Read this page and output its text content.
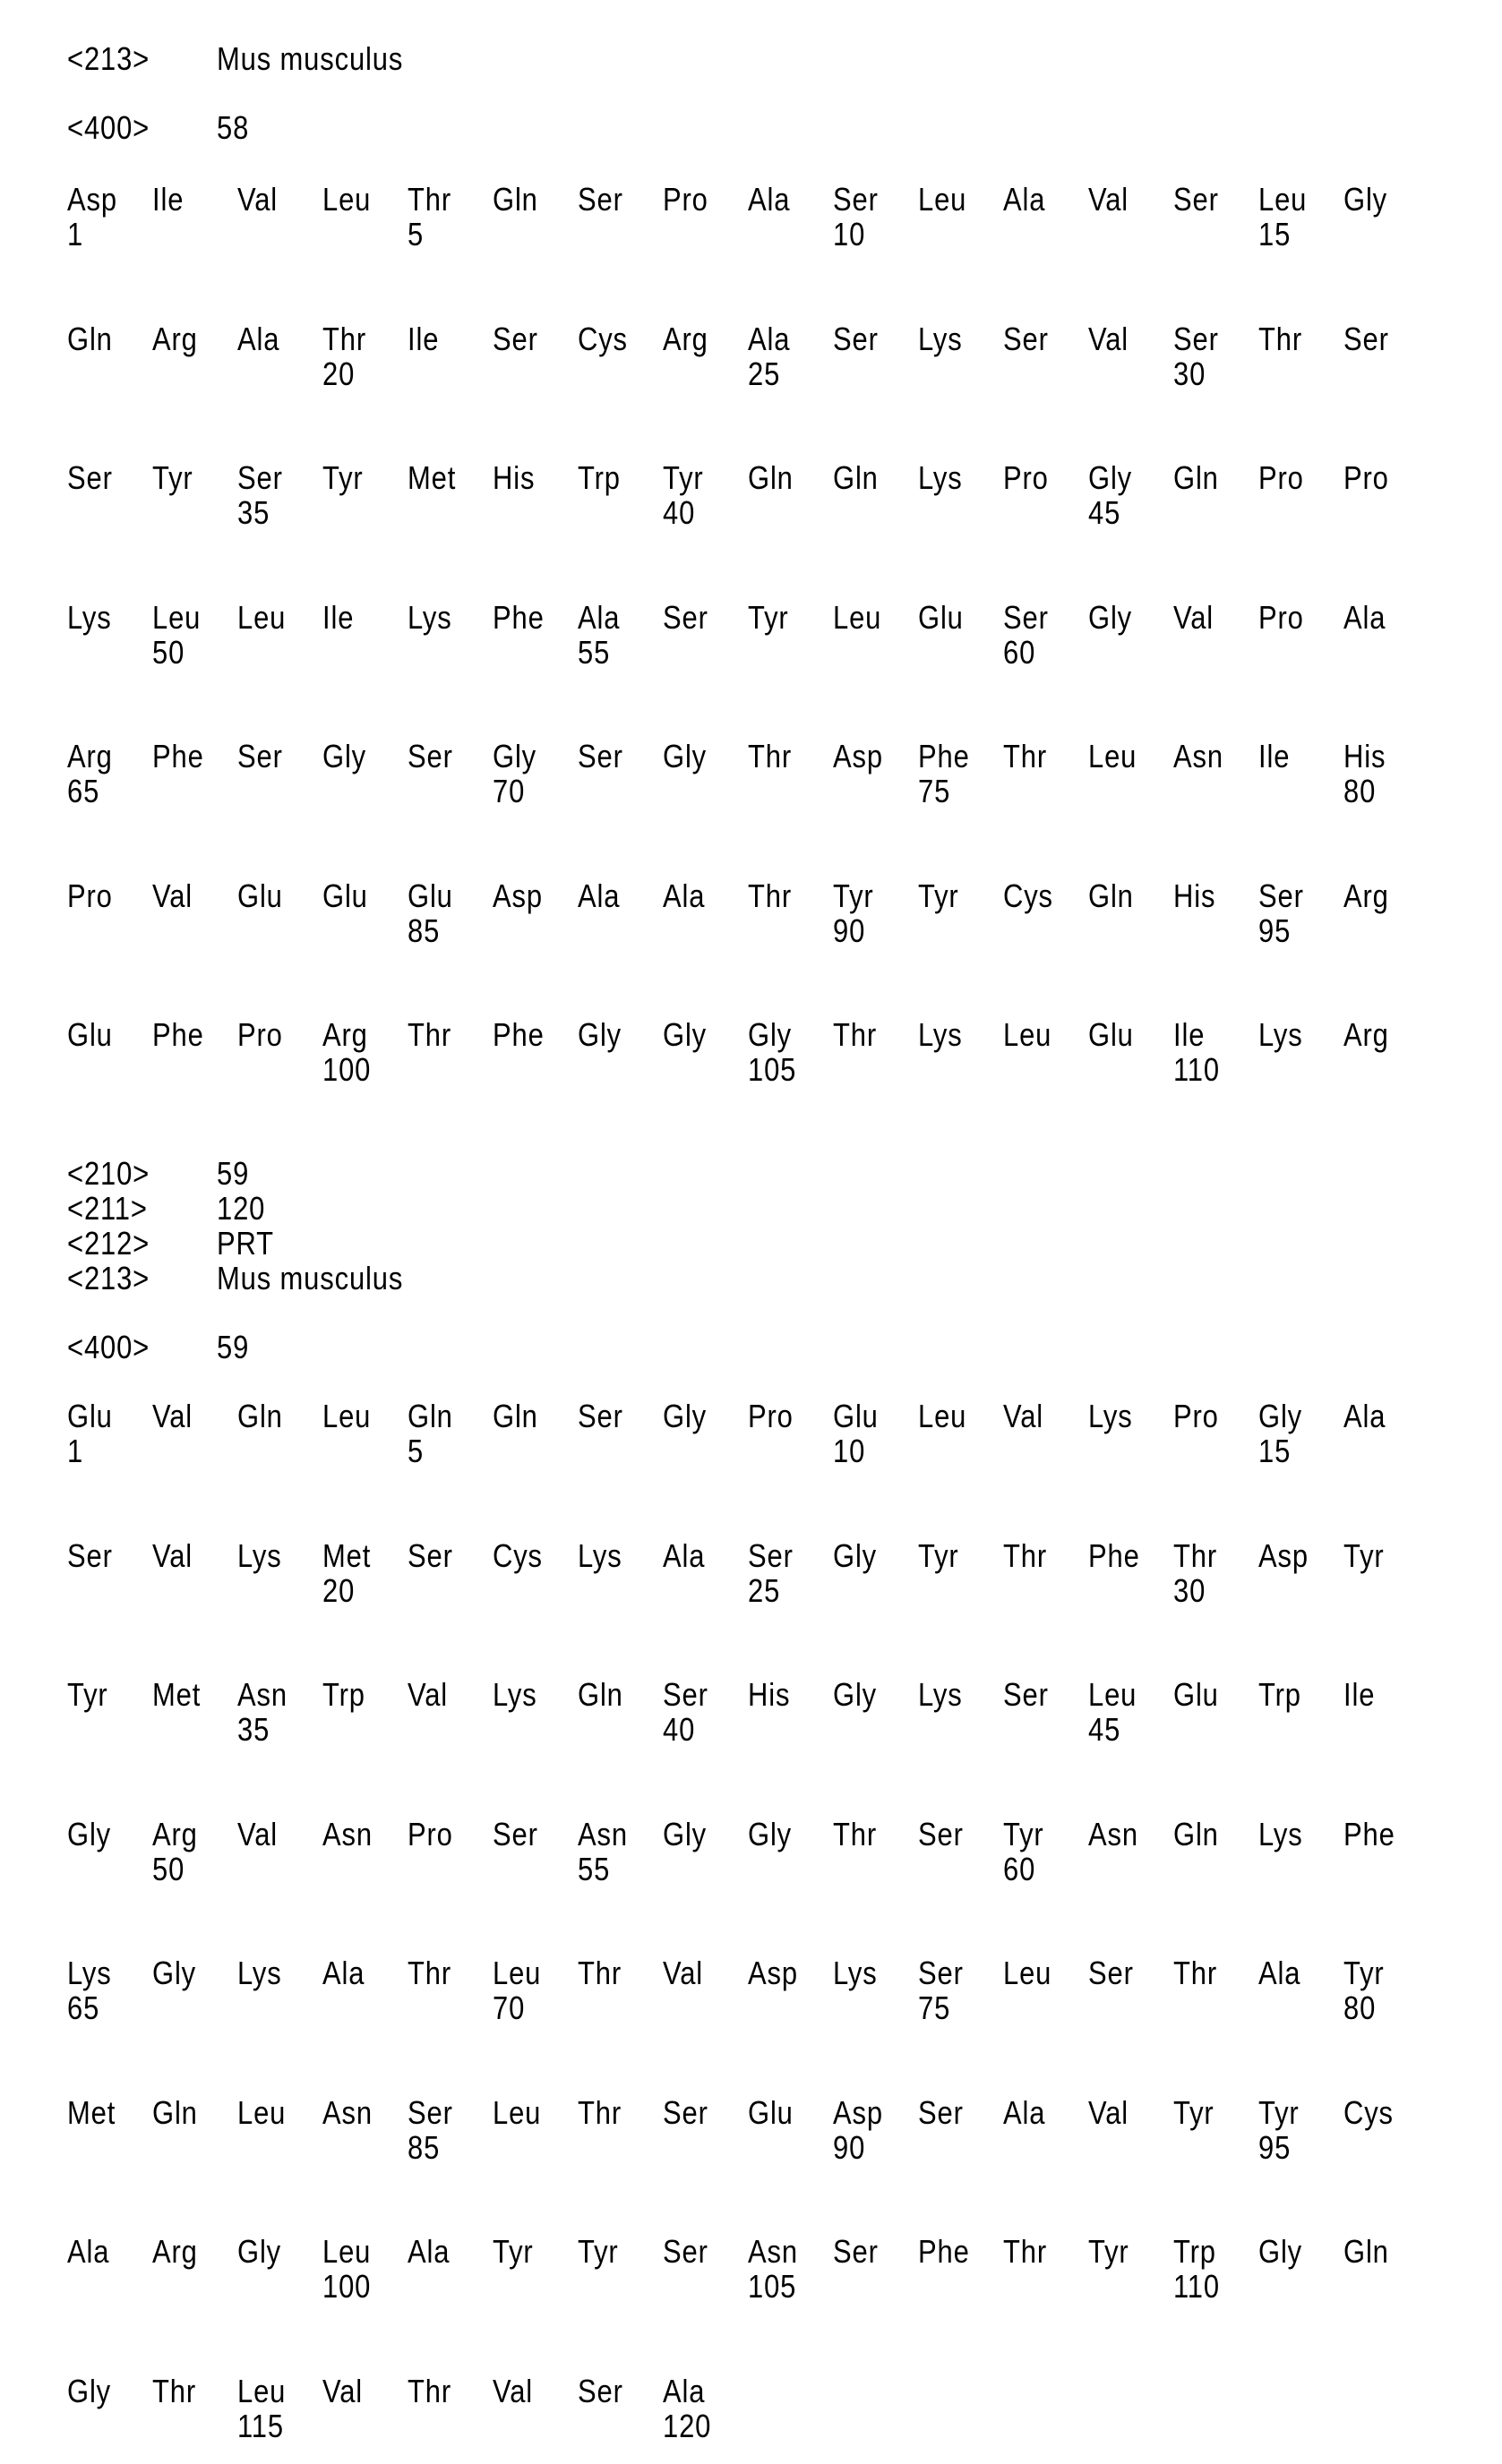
<213> Mus musculus
<400> 58
Asp Ile Val Leu Thr Gln Ser Pro Ala Ser Leu Ala Val Ser Leu Gly
1	5	10	15
Gln Arg Ala Thr Ile Ser Cys Arg Ala Ser Lys Ser Val Ser Thr Ser
20	25	30
Ser Tyr Ser Tyr Met His Trp Tyr Gln Gln Lys Pro Gly Gln Pro Pro
35	40	45
Lys Leu Leu Ile Lys Phe Ala Ser Tyr Leu Glu Ser Gly Val Pro Ala
50	55	60
Arg Phe Ser Gly Ser Gly Ser Gly Thr Asp Phe Thr Leu Asn Ile His
65	70	75	80
Pro Val Glu Glu Glu Asp Ala Ala Thr Tyr Tyr Cys Gln His Ser Arg
85	90	95
Glu Phe Pro Arg Thr Phe Gly Gly Gly Thr Lys Leu Glu Ile Lys Arg
100	105	110
<210> 59
<211> 120
<212> PRT
<213> Mus musculus
<400> 59
Glu Val Gln Leu Gln Gln Ser Gly Pro Glu Leu Val Lys Pro Gly Ala
1	5	10	15
Ser Val Lys Met Ser Cys Lys Ala Ser Gly Tyr Thr Phe Thr Asp Tyr
20	25	30
Tyr Met Asn Trp Val Lys Gln Ser His Gly Lys Ser Leu Glu Trp Ile
35	40	45
Gly Arg Val Asn Pro Ser Asn Gly Gly Thr Ser Tyr Asn Gln Lys Phe
50	55	60
Lys Gly Lys Ala Thr Leu Thr Val Asp Lys Ser Leu Ser Thr Ala Tyr
65	70	75	80
Met Gln Leu Asn Ser Leu Thr Ser Glu Asp Ser Ala Val Tyr Tyr Cys
85	90	95
Ala Arg Gly Leu Ala Tyr Tyr Ser Asn Ser Phe Thr Tyr Trp Gly Gln
100	105	110
Gly Thr Leu Val Thr Val Ser Ala
115	120
